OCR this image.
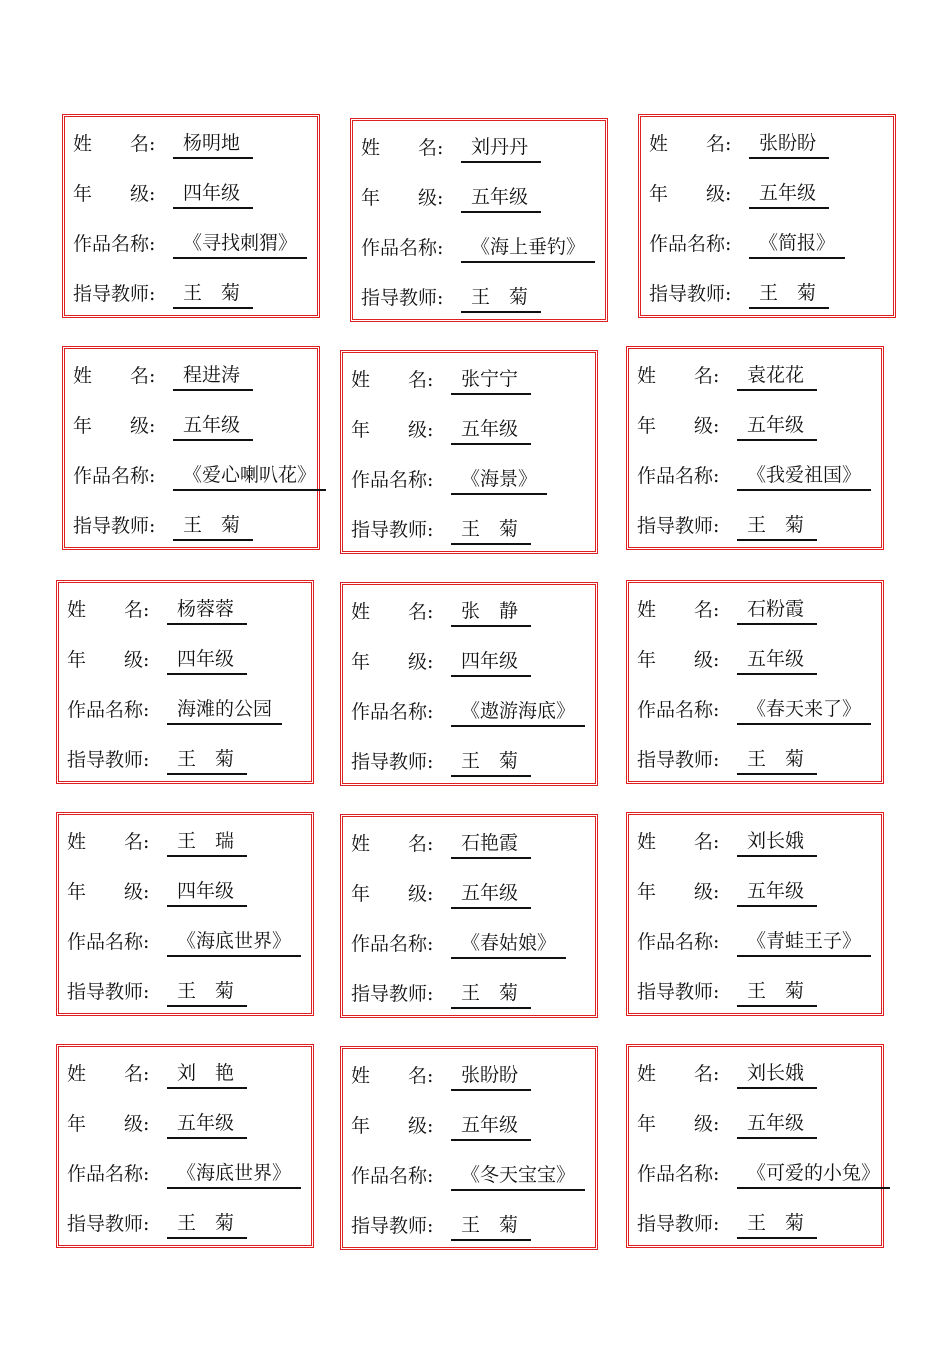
姓　　名:	杨明地
年　　级:	四年级
作品名称:	《寻找刺猬》
指导教师:	王　菊
姓　　名:	刘丹丹
年　　级:	五年级
作品名称:	《海上垂钓》
指导教师:	王　菊
姓　　名:	张盼盼
年　　级:	五年级
作品名称:	《简报》
指导教师:	王　菊
姓　　名:	程进涛
年　　级:	五年级
作品名称:	《爱心喇叭花》
指导教师:	王　菊
姓　　名:	张宁宁
年　　级:	五年级
作品名称:	《海景》
指导教师:	王　菊
姓　　名:	袁花花
年　　级:	五年级
作品名称:	《我爱祖国》
指导教师:	王　菊
姓　　名:	杨蓉蓉
年　　级:	四年级
作品名称:	海滩的公园
指导教师:	王　菊
姓　　名:	张　静
年　　级:	四年级
作品名称:	《遨游海底》
指导教师:	王　菊
姓　　名:	石粉霞
年　　级:	五年级
作品名称:	《春天来了》
指导教师:	王　菊
姓　　名:	王　瑞
年　　级:	四年级
作品名称:	《海底世界》
指导教师:	王　菊
姓　　名:	石艳霞
年　　级:	五年级
作品名称:	《春姑娘》
指导教师:	王　菊
姓　　名:	刘长娥
年　　级:	五年级
作品名称:	《青蛙王子》
指导教师:	王　菊
姓　　名:	刘　艳
年　　级:	五年级
作品名称:	《海底世界》
指导教师:	王　菊
姓　　名:	张盼盼
年　　级:	五年级
作品名称:	《冬天宝宝》
指导教师:	王　菊
姓　　名:	刘长娥
年　　级:	五年级
作品名称:	《可爱的小兔》
指导教师:	王　菊
